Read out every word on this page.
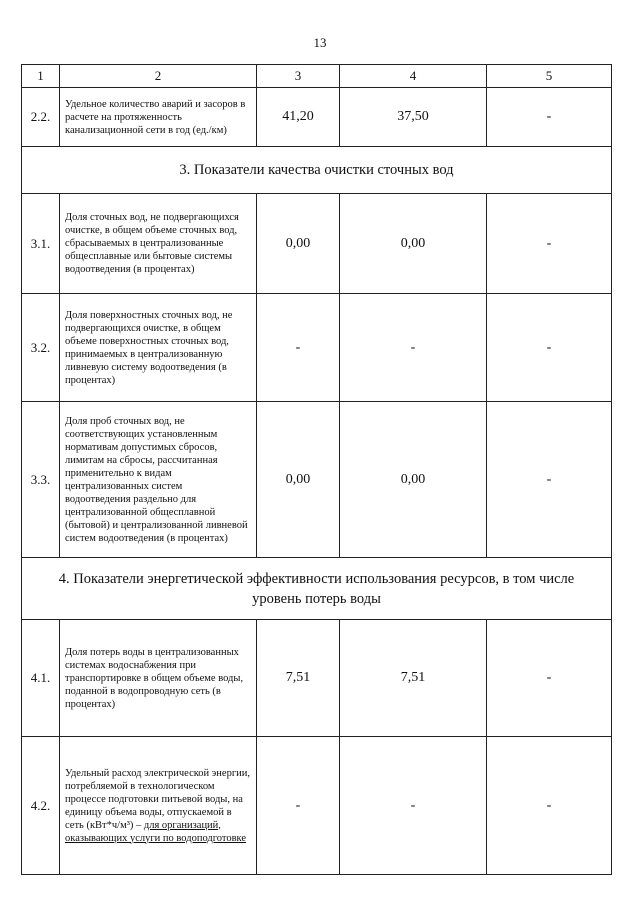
13
1	2	3	4	5
2.2.	Удельное количество аварий и засоров в расчете на протяженность канализационной сети в год (ед./км)	41,20	37,50	-
3. Показатели качества очистки сточных вод				
3.1.	Доля сточных вод, не подвергающихся очистке, в общем объеме сточных вод, сбрасываемых в централизованные общесплавные или бытовые системы водоотведения (в процентах)	0,00	0,00	-
3.2.	Доля поверхностных сточных вод, не подвергающихся очистке, в общем объеме поверхностных сточных вод, принимаемых в централизованную ливневую систему водоотведения (в процентах)	-	-	-
3.3.	Доля проб сточных вод, не соответствующих установленным нормативам допустимых сбросов, лимитам на сбросы, рассчитанная применительно к видам централизованных систем водоотведения раздельно для централизованной общесплавной (бытовой) и централизованной ливневой систем водоотведения (в процентах)	0,00	0,00	-
4. Показатели энергетической эффективности использования ресурсов, в том числе уровень потерь воды				
4.1.	Доля потерь воды в централизованных системах водоснабжения при транспортировке в общем объеме воды, поданной в водопроводную сеть (в процентах)	7,51	7,51	-
4.2.	Удельный расход электрической энергии, потребляемой в технологическом процессе подготовки питьевой воды, на единицу объема воды, отпускаемой в сеть (кВт*ч/м³) – для организаций, оказывающих услуги по водоподготовке	-	-	-
